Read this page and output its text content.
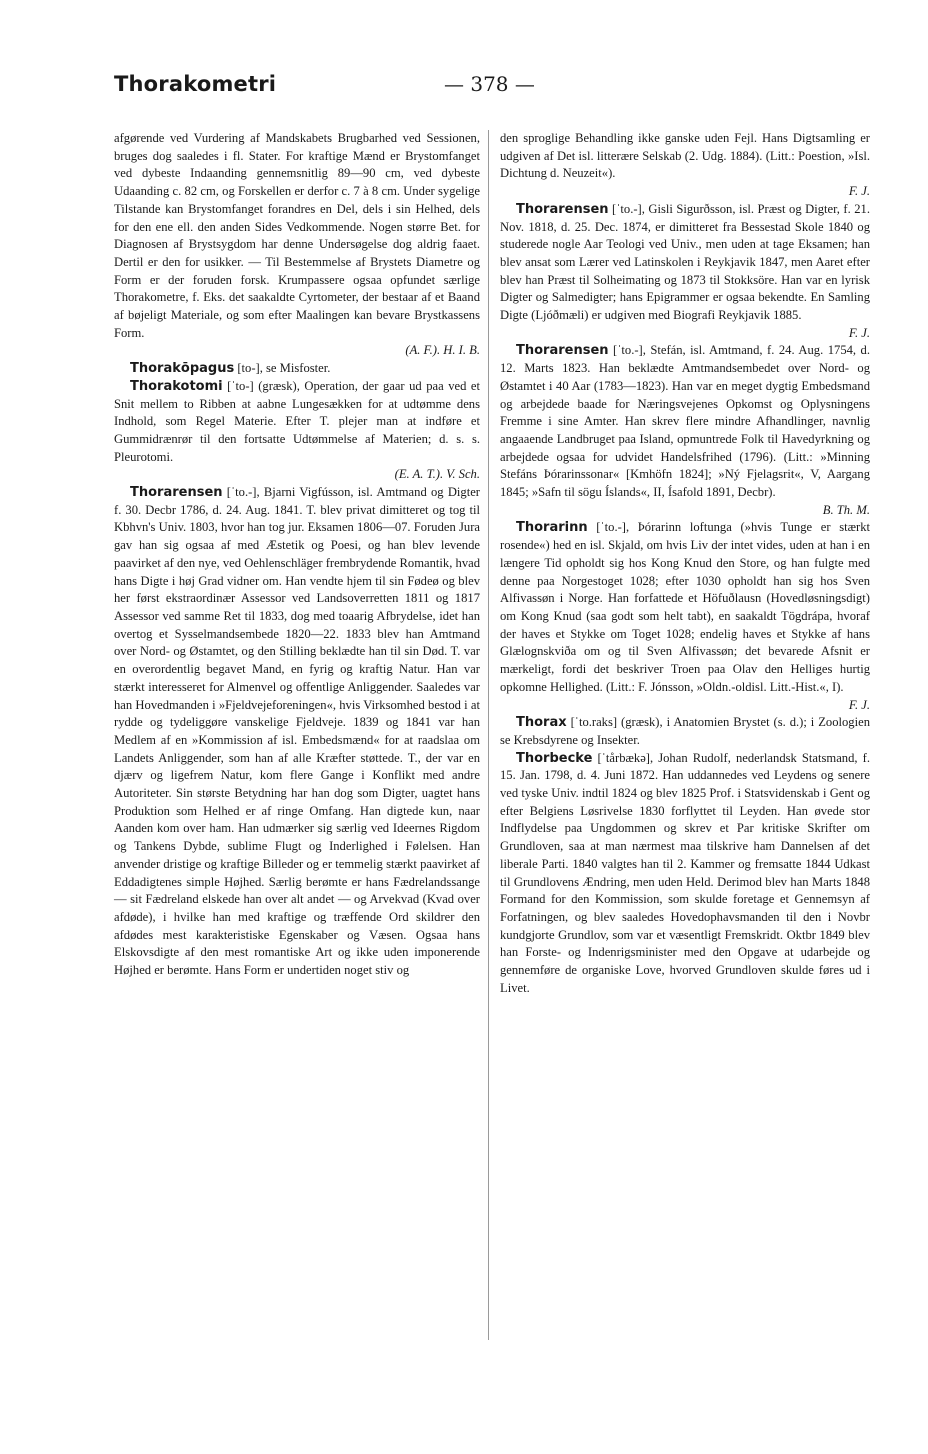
Thorakometri	— 378 —

afgørende ved Vurdering af Mandskabets Brugbarhed ved Sessionen, bruges dog saaledes i fl. Stater. For kraftige Mænd er Brystomfanget ved dybeste Indaanding gennemsnitlig 89—90 cm, ved dybeste Udaanding c. 82 cm, og Forskellen er derfor c. 7 à 8 cm. Under sygelige Tilstande kan Brystomfanget forandres en Del, dels i sin Helhed, dels for den ene ell. den anden Sides Vedkommende. Nogen større Bet. for Diagnosen af Brystsygdom har denne Undersøgelse dog aldrig faaet. Dertil er den for usikker. — Til Bestemmelse af Brystets Diametre og Form er der foruden forsk. Krumpassere ogsaa opfundet særlige Thorakometre, f. Eks. det saakaldte Cyrtometer, der bestaar af et Baand af bøjeligt Materiale, og som efter Maalingen kan bevare Brystkassens Form.

(A. F.). H. I. B.

Thorakōpagus [to-], se Misfoster.

Thorakotomi [ˈto-] (græsk), Operation, der gaar ud paa ved et Snit mellem to Ribben at aabne Lungesækken for at udtømme dens Indhold, som Regel Materie. Efter T. plejer man at indføre et Gummidrænrør til den fortsatte Udtømmelse af Materien; d. s. s. Pleurotomi.

(E. A. T.). V. Sch.

Thorarensen [ˈto.-], Bjarni Vigfússon, isl. Amtmand og Digter f. 30. Decbr 1786, d. 24. Aug. 1841. T. blev privat dimitteret og tog til Kbhvn's Univ. 1803, hvor han tog jur. Eksamen 1806—07. Foruden Jura gav han sig ogsaa af med Æstetik og Poesi, og han blev levende paavirket af den nye, ved Oehlenschläger frembrydende Romantik, hvad hans Digte i høj Grad vidner om. Han vendte hjem til sin Fødeø og blev her først ekstraordinær Assessor ved Landsoverretten 1811 og 1817 Assessor ved samme Ret til 1833, dog med toaarig Afbrydelse, idet han overtog et Sysselmandsembede 1820—22. 1833 blev han Amtmand over Nord- og Østamtet, og den Stilling beklædte han til sin Død. T. var en overordentlig begavet Mand, en fyrig og kraftig Natur. Han var stærkt interesseret for Almenvel og offentlige Anliggender. Saaledes var han Hovedmanden i »Fjeldvejeforeningen«, hvis Virksomhed bestod i at rydde og tydeliggøre vanskelige Fjeldveje. 1839 og 1841 var han Medlem af en »Kommission af isl. Embedsmænd« for at raadslaa om Landets Anliggender, som han af alle Kræfter støttede. T., der var en djærv og ligefrem Natur, kom flere Gange i Konflikt med andre Autoriteter. Sin største Betydning har han dog som Digter, uagtet hans Produktion som Helhed er af ringe Omfang. Han digtede kun, naar Aanden kom over ham. Han udmærker sig særlig ved Ideernes Rigdom og Tankens Dybde, sublime Flugt og Inderlighed i Følelsen. Han anvender dristige og kraftige Billeder og er temmelig stærkt paavirket af Eddadigtenes simple Højhed. Særlig berømte er hans Fædrelandssange — sit Fædreland elskede han over alt andet — og Arvekvad (Kvad over afdøde), i hvilke han med kraftige og træffende Ord skildrer den afdødes mest karakteristiske Egenskaber og Væsen. Ogsaa hans Elskovsdigte af den mest romantiske Art og ikke uden imponerende Højhed er berømte. Hans Form er undertiden noget stiv og

den sproglige Behandling ikke ganske uden Fejl. Hans Digtsamling er udgiven af Det isl. litterære Selskab (2. Udg. 1884). (Litt.: Poestion, »Isl. Dichtung d. Neuzeit«).

F. J.

Thorarensen [ˈto.-], Gisli Sigurðsson, isl. Præst og Digter, f. 21. Nov. 1818, d. 25. Dec. 1874, er dimitteret fra Bessestad Skole 1840 og studerede nogle Aar Teologi ved Univ., men uden at tage Eksamen; han blev ansat som Lærer ved Latinskolen i Reykjavik 1847, men Aaret efter blev han Præst til Solheimating og 1873 til Stokksöre. Han var en lyrisk Digter og Salmedigter; hans Epigrammer er ogsaa bekendte. En Samling Digte (Ljóðmæli) er udgiven med Biografi Reykjavik 1885.

F. J.

Thorarensen [ˈto.-], Stefán, isl. Amtmand, f. 24. Aug. 1754, d. 12. Marts 1823. Han beklædte Amtmandsembedet over Nord- og Østamtet i 40 Aar (1783—1823). Han var en meget dygtig Embedsmand og arbejdede baade for Næringsvejenes Opkomst og Oplysningens Fremme i sine Amter. Han skrev flere mindre Afhandlinger, navnlig angaaende Landbruget paa Island, opmuntrede Folk til Havedyrkning og arbejdede ogsaa for udvidet Handelsfrihed (1796). (Litt.: »Minning Stefáns Þórarinssonar« [Kmhöfn 1824]; »Ný Fjelagsrit«, V, Aargang 1845; »Safn til sögu Íslands«, II, Ísafold 1891, Decbr).

B. Th. M.

Thorarinn [ˈto.-], Þórarinn loftunga (»hvis Tunge er stærkt rosende«) hed en isl. Skjald, om hvis Liv der intet vides, uden at han i en længere Tid opholdt sig hos Kong Knud den Store, og han fulgte med denne paa Norgestoget 1028; efter 1030 opholdt han sig hos Sven Alfivassøn i Norge. Han forfattede et Höfuðlausn (Hovedløsningsdigt) om Kong Knud (saa godt som helt tabt), en saakaldt Tögdrápa, hvoraf der haves et Stykke om Toget 1028; endelig haves et Stykke af hans Glælognskviða om og til Sven Alfivassøn; det bevarede Afsnit er mærkeligt, fordi det beskriver Troen paa Olav den Helliges hurtig opkomne Hellighed. (Litt.: F. Jónsson, »Oldn.-oldisl. Litt.-Hist.«, I).

F. J.

Thorax [ˈto.raks] (græsk), i Anatomien Brystet (s. d.); i Zoologien se Krebsdyrene og Insekter.

Thorbecke [ˈtårbækə], Johan Rudolf, nederlandsk Statsmand, f. 15. Jan. 1798, d. 4. Juni 1872. Han uddannedes ved Leydens og senere ved tyske Univ. indtil 1824 og blev 1825 Prof. i Statsvidenskab i Gent og efter Belgiens Løsrivelse 1830 forflyttet til Leyden. Han øvede stor Indflydelse paa Ungdommen og skrev et Par kritiske Skrifter om Grundloven, saa at man nærmest maa tilskrive ham Dannelsen af det liberale Parti. 1840 valgtes han til 2. Kammer og fremsatte 1844 Udkast til Grundlovens Ændring, men uden Held. Derimod blev han Marts 1848 Formand for den Kommission, som skulde foretage et Gennemsyn af Forfatningen, og blev saaledes Hovedophavsmanden til den i Novbr kundgjorte Grundlov, som var et væsentligt Fremskridt. Oktbr 1849 blev han Forste- og Indenrigsminister med den Opgave at udarbejde og gennemføre de organiske Love, hvorved Grundloven skulde føres ud i Livet.
